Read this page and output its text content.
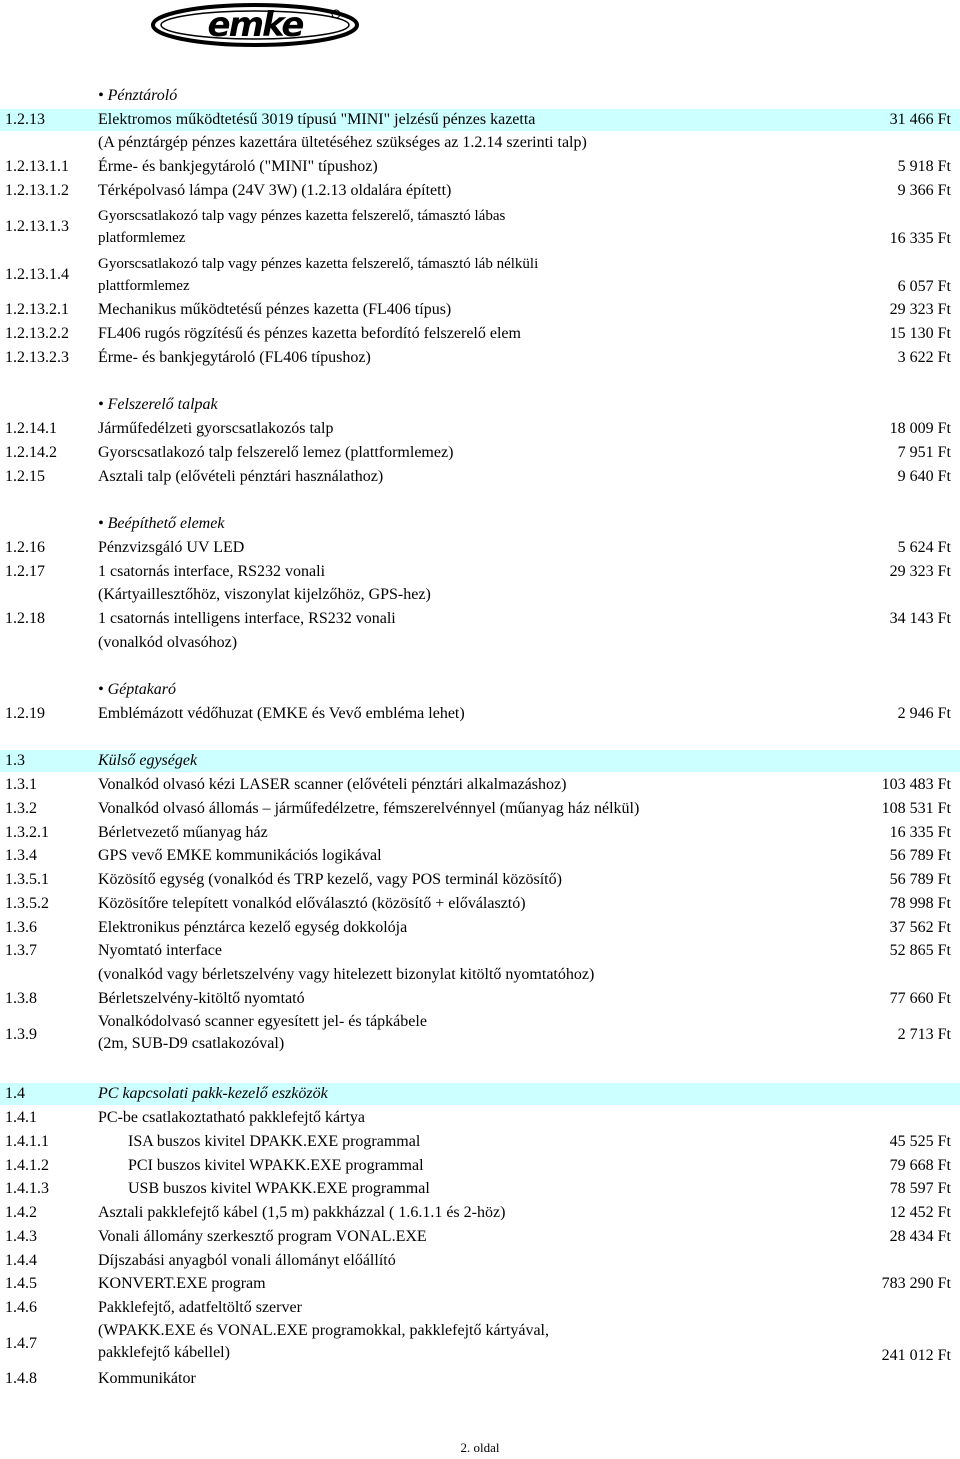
emke
• Pénztároló
1.2.13	Elektromos működtetésű 3019 típusú "MINI" jelzésű pénzes kazetta	31 466 Ft
(A pénztárgép pénzes kazettára ültetéséhez szükséges az 1.2.14 szerinti talp)
1.2.13.1.1 Érme- és bankjegytároló ("MINI" típushoz)	5 918 Ft
1.2.13.1.2 Térképolvasó lámpa (24V 3W) (1.2.13 oldalára épített)	9 366 Ft
1.2.13.1.3
Gyorscsatlakozó talp vagy pénzes kazetta felszerelő, támasztó lábas
platformlemez	16 335 Ft
1.2.13.1.4
Gyorscsatlakozó talp vagy pénzes kazetta felszerelő, támasztó láb nélküli
plattformlemez	6 057 Ft
1.2.13.2.1 Mechanikus működtetésű pénzes kazetta (FL406 típus)	29 323 Ft
1.2.13.2.2 FL406 rugós rögzítésű és pénzes kazetta befordító felszerelő elem	15 130 Ft
1.2.13.2.3 Érme- és bankjegytároló (FL406 típushoz)	3 622 Ft
• Felszerelő talpak
1.2.14.1	Járműfedélzeti gyorscsatlakozós talp	18 009 Ft
1.2.14.2	Gyorscsatlakozó talp felszerelő lemez (plattformlemez)	7 951 Ft
1.2.15	Asztali talp (elővételi pénztári használathoz)	9 640 Ft
• Beépíthető elemek
1.2.16	Pénzvizsgáló UV LED	5 624 Ft
1.2.17	1 csatornás interface, RS232 vonali	29 323 Ft
(Kártyaillesztőhöz, viszonylat kijelzőhöz, GPS-hez)
1.2.18	1 csatornás intelligens interface, RS232 vonali	34 143 Ft
(vonalkód olvasóhoz)
• Géptakaró
1.2.19	Emblémázott védőhuzat (EMKE és Vevő embléma lehet)	2 946 Ft
1.3	Külső egységek
1.3.1	Vonalkód olvasó kézi LASER scanner (elővételi pénztári alkalmazáshoz)	103 483 Ft
1.3.2	Vonalkód olvasó állomás – járműfedélzetre, fémszerelvénnyel (műanyag ház nélkül)	108 531 Ft
1.3.2.1	Bérletvezető műanyag ház	16 335 Ft
1.3.4	GPS vevő EMKE kommunikációs logikával	56 789 Ft
1.3.5.1	Közösítő egység (vonalkód és TRP kezelő, vagy POS terminál közösítő)	56 789 Ft
1.3.5.2	Közösítőre telepített vonalkód előválasztó (közösítő + előválasztó)	78 998 Ft
1.3.6	Elektronikus pénztárca kezelő egység dokkolója	37 562 Ft
1.3.7	Nyomtató interface	52 865 Ft
(vonalkód vagy bérletszelvény vagy hitelezett bizonylat kitöltő nyomtatóhoz)
1.3.8	Bérletszelvény-kitöltő nyomtató	77 660 Ft
1.3.9
Vonalkódolvasó scanner egyesített jel- és tápkábele
(2m, SUB-D9 csatlakozóval)
2 713 Ft
1.4	PC kapcsolati pakk-kezelő eszközök
1.4.1	PC-be csatlakoztatható pakklefejtő kártya
1.4.1.1	ISA buszos kivitel DPAKK.EXE programmal	45 525 Ft
1.4.1.2	PCI buszos kivitel WPAKK.EXE programmal	79 668 Ft
1.4.1.3	USB buszos kivitel WPAKK.EXE programmal	78 597 Ft
1.4.2	Asztali pakklefejtő kábel (1,5 m) pakkházzal ( 1.6.1.1 és 2-höz)	12 452 Ft
1.4.3	Vonali állomány szerkesztő program VONAL.EXE	28 434 Ft
1.4.4	Díjszabási anyagból vonali állományt előállító
1.4.5	KONVERT.EXE program	783 290 Ft
1.4.6	Pakklefejtő, adatfeltöltő szerver
1.4.7
(WPAKK.EXE és VONAL.EXE programokkal, pakklefejtő kártyával,
pakklefejtő kábellel)	241 012 Ft
1.4.8	Kommunikátor
2. oldal
